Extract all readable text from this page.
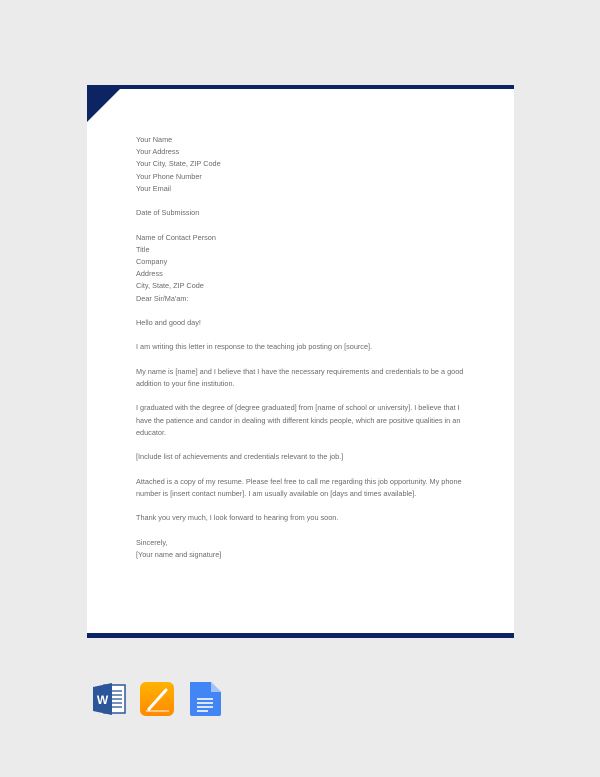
Your Name
Your Address
Your City, State, ZIP Code
Your Phone Number
Your Email
Date of Submission
Name of Contact Person
Title
Company
Address
City, State, ZIP Code
Dear Sir/Ma'am:
Hello and good day!
I am writing this letter in response to the teaching job posting on [source].
My name is [name] and I believe that I have the necessary requirements and credentials to be a good
addition to your fine institution.
I graduated with the degree of [degree graduated] from [name of school or university]. I believe that I
have the patience and candor in dealing with different kinds people, which are positive qualities in an
educator.
[Include list of achievements and credentials relevant to the job.]
Attached is a copy of my resume. Please feel free to call me regarding this job opportunity. My phone
number is [insert contact number]. I am usually available on [days and times available].
Thank you very much, I look forward to hearing from you soon.
Sincerely,
[Your name and signature]
W
